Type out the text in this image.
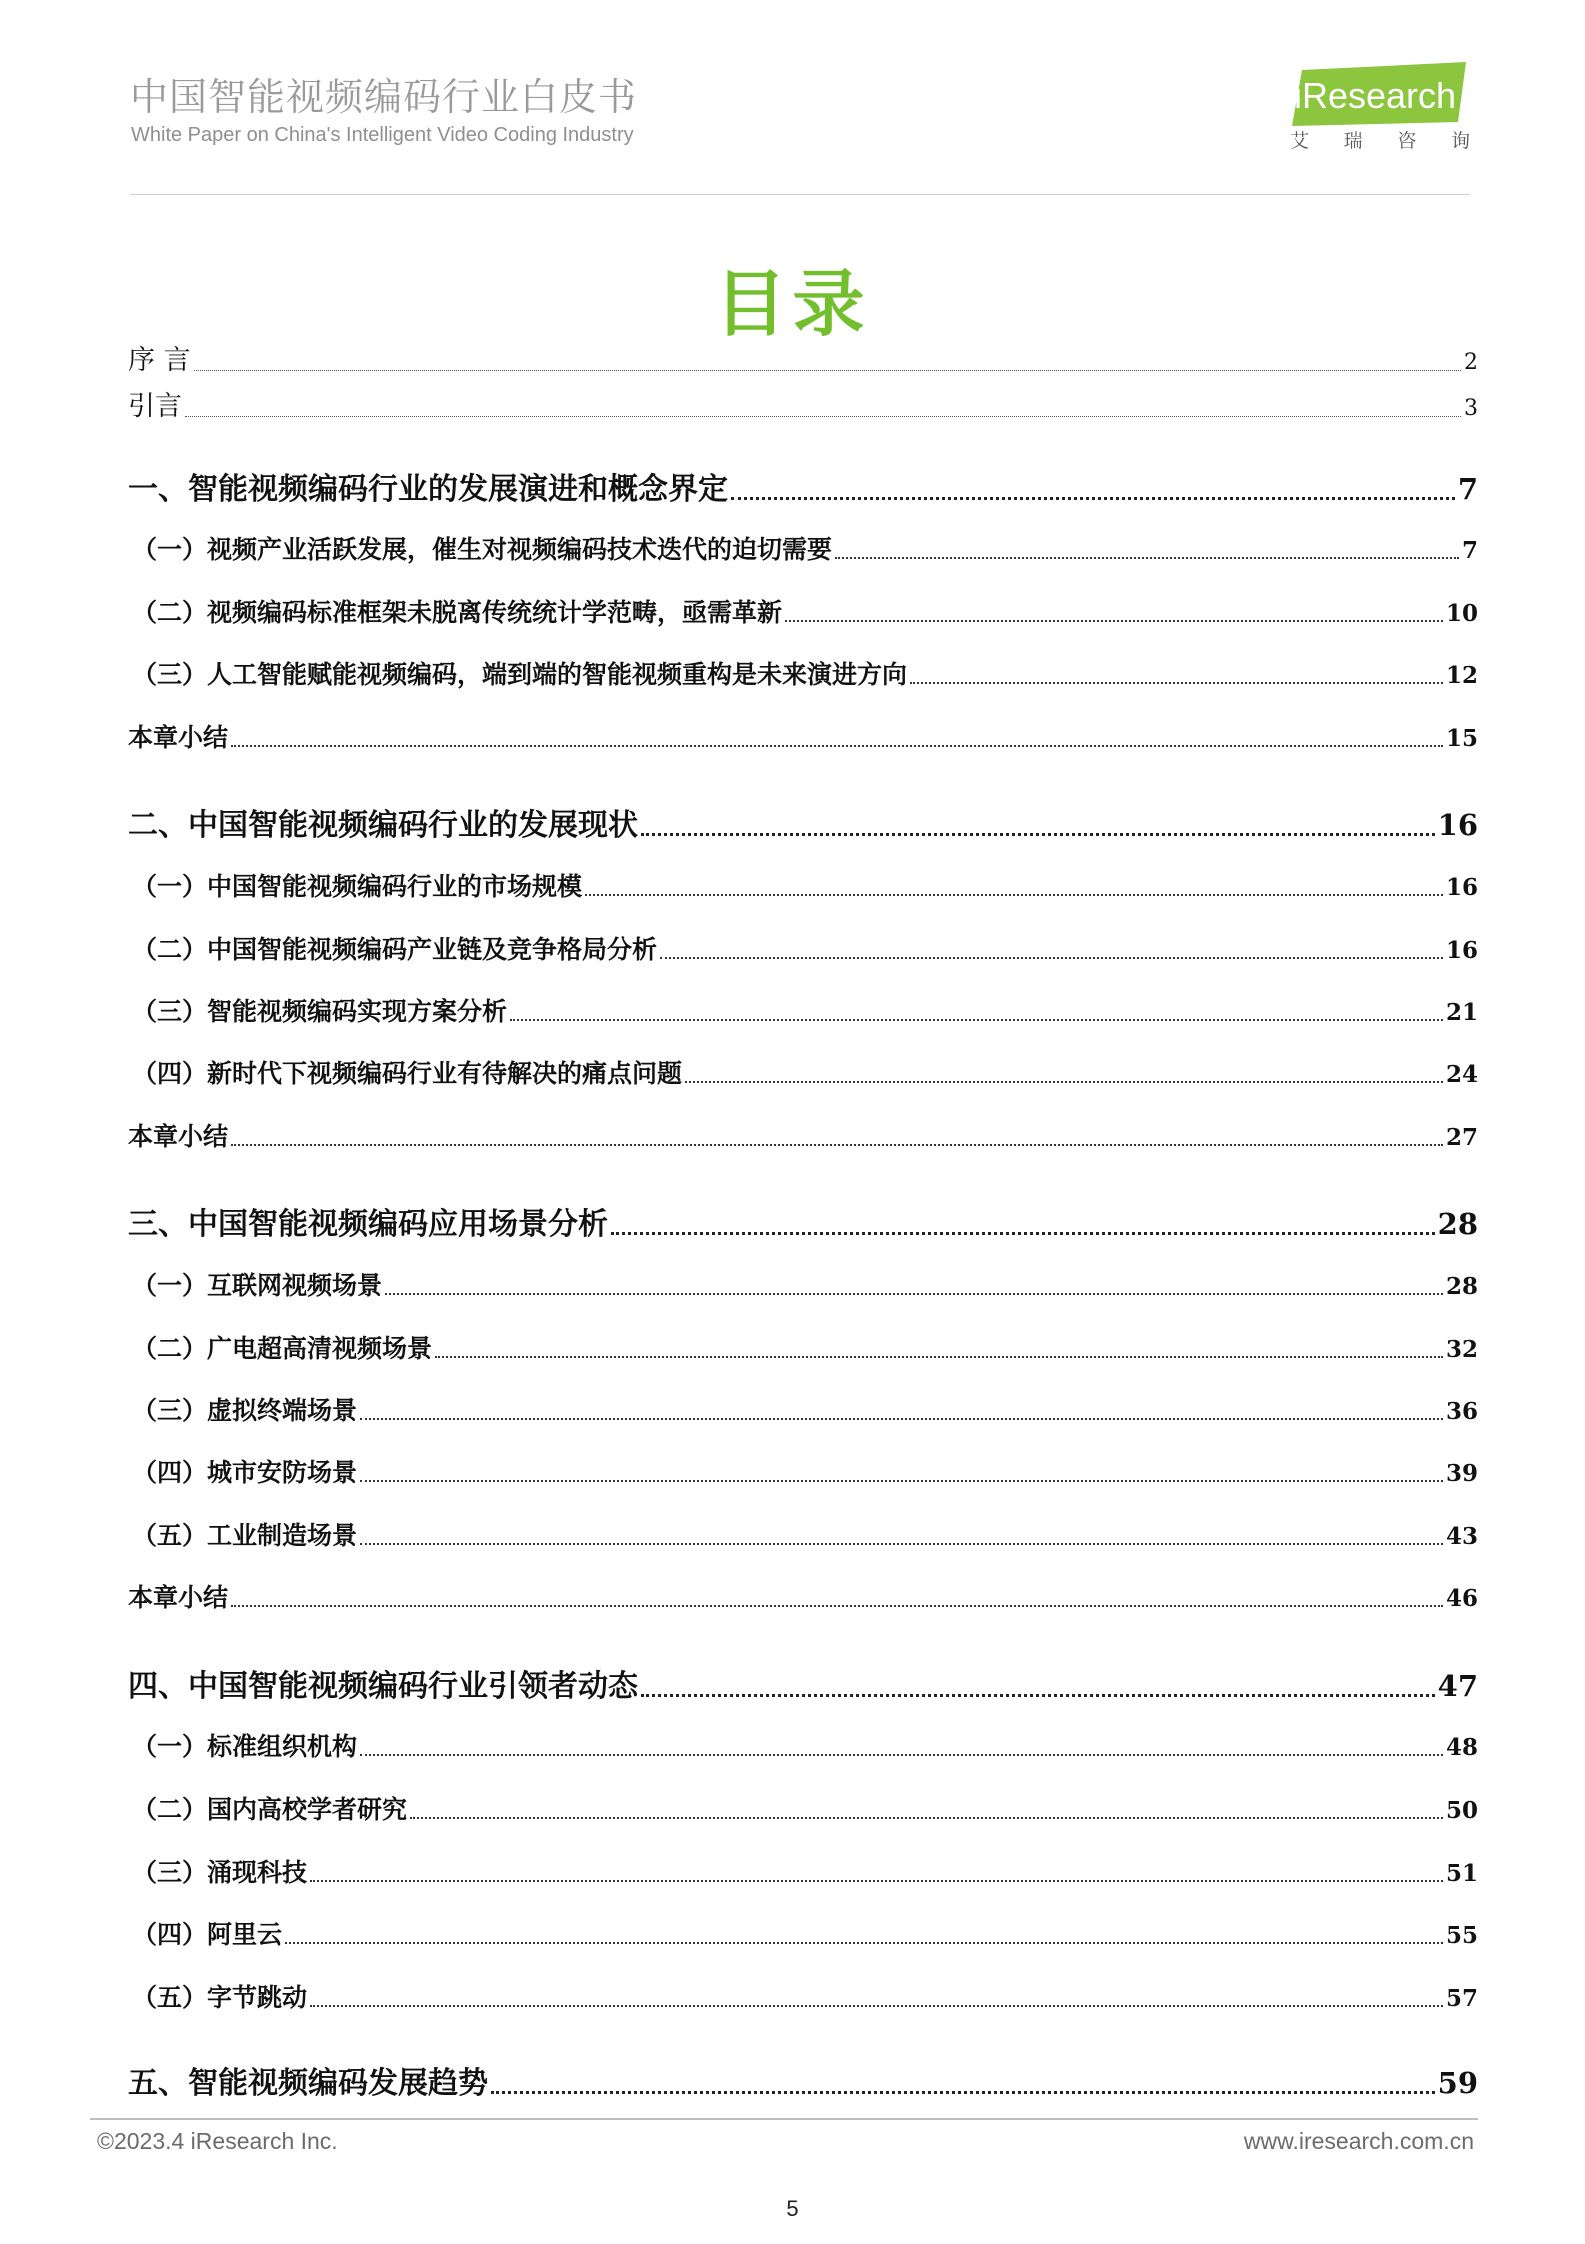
中国智能视频编码行业白皮书
White Paper on China's Intelligent Video Coding Industry
iResearch
艾 瑞 咨 询
目录
序 言	2
引言	3
一、智能视频编码行业的发展演进和概念界定	7
（一）视频产业活跃发展，催生对视频编码技术迭代的迫切需要	7
（二）视频编码标准框架未脱离传统统计学范畴，亟需革新	10
（三）人工智能赋能视频编码，端到端的智能视频重构是未来演进方向	12
本章小结	15
二、中国智能视频编码行业的发展现状	16
（一）中国智能视频编码行业的市场规模	16
（二）中国智能视频编码产业链及竞争格局分析	16
（三）智能视频编码实现方案分析	21
（四）新时代下视频编码行业有待解决的痛点问题	24
本章小结	27
三、中国智能视频编码应用场景分析	28
（一）互联网视频场景	28
（二）广电超高清视频场景	32
（三）虚拟终端场景	36
（四）城市安防场景	39
（五）工业制造场景	43
本章小结	46
四、中国智能视频编码行业引领者动态	47
（一）标准组织机构	48
（二）国内高校学者研究	50
（三）涌现科技	51
（四）阿里云	55
（五）字节跳动	57
五、智能视频编码发展趋势	59
©2023.4 iResearch Inc.	www.iresearch.com.cn
5
